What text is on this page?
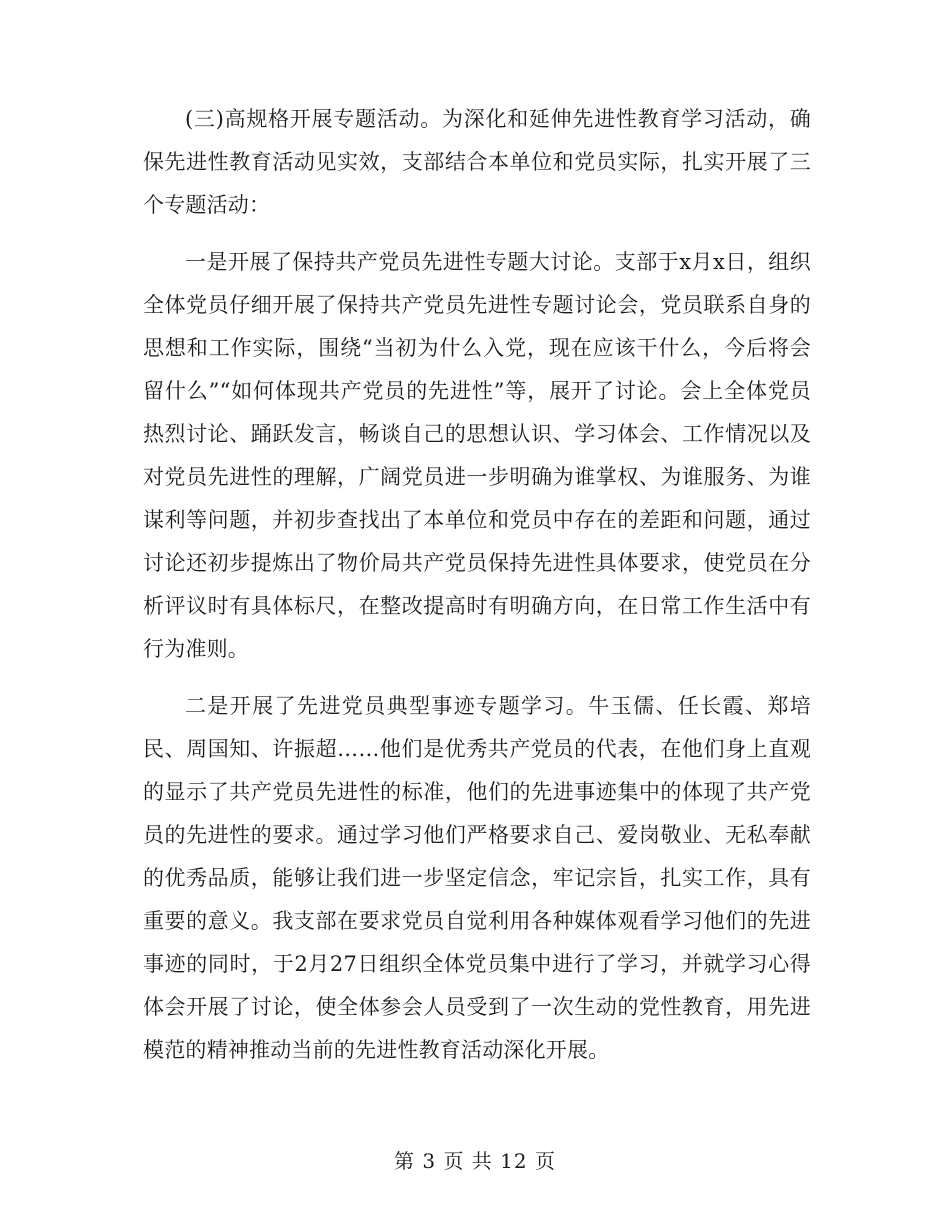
(三)高规格开展专题活动。为深化和延伸先进性教育学习活动，确保先进性教育活动见实效，支部结合本单位和党员实际，扎实开展了三个专题活动：

一是开展了保持共产党员先进性专题大讨论。支部于x月x日，组织全体党员仔细开展了保持共产党员先进性专题讨论会，党员联系自身的思想和工作实际，围绕“当初为什么入党，现在应该干什么，今后将会留什么”“如何体现共产党员的先进性”等，展开了讨论。会上全体党员热烈讨论、踊跃发言，畅谈自己的思想认识、学习体会、工作情况以及对党员先进性的理解，广阔党员进一步明确为谁掌权、为谁服务、为谁谋利等问题，并初步查找出了本单位和党员中存在的差距和问题，通过讨论还初步提炼出了物价局共产党员保持先进性具体要求，使党员在分析评议时有具体标尺，在整改提高时有明确方向，在日常工作生活中有行为准则。

二是开展了先进党员典型事迹专题学习。牛玉儒、任长霞、郑培民、周国知、许振超……他们是优秀共产党员的代表，在他们身上直观的显示了共产党员先进性的标准，他们的先进事迹集中的体现了共产党员的先进性的要求。通过学习他们严格要求自己、爱岗敬业、无私奉献的优秀品质，能够让我们进一步坚定信念，牢记宗旨，扎实工作，具有重要的意义。我支部在要求党员自觉利用各种媒体观看学习他们的先进事迹的同时，于2月27日组织全体党员集中进行了学习，并就学习心得体会开展了讨论，使全体参会人员受到了一次生动的党性教育，用先进模范的精神推动当前的先进性教育活动深化开展。

第 3 页 共 12 页
